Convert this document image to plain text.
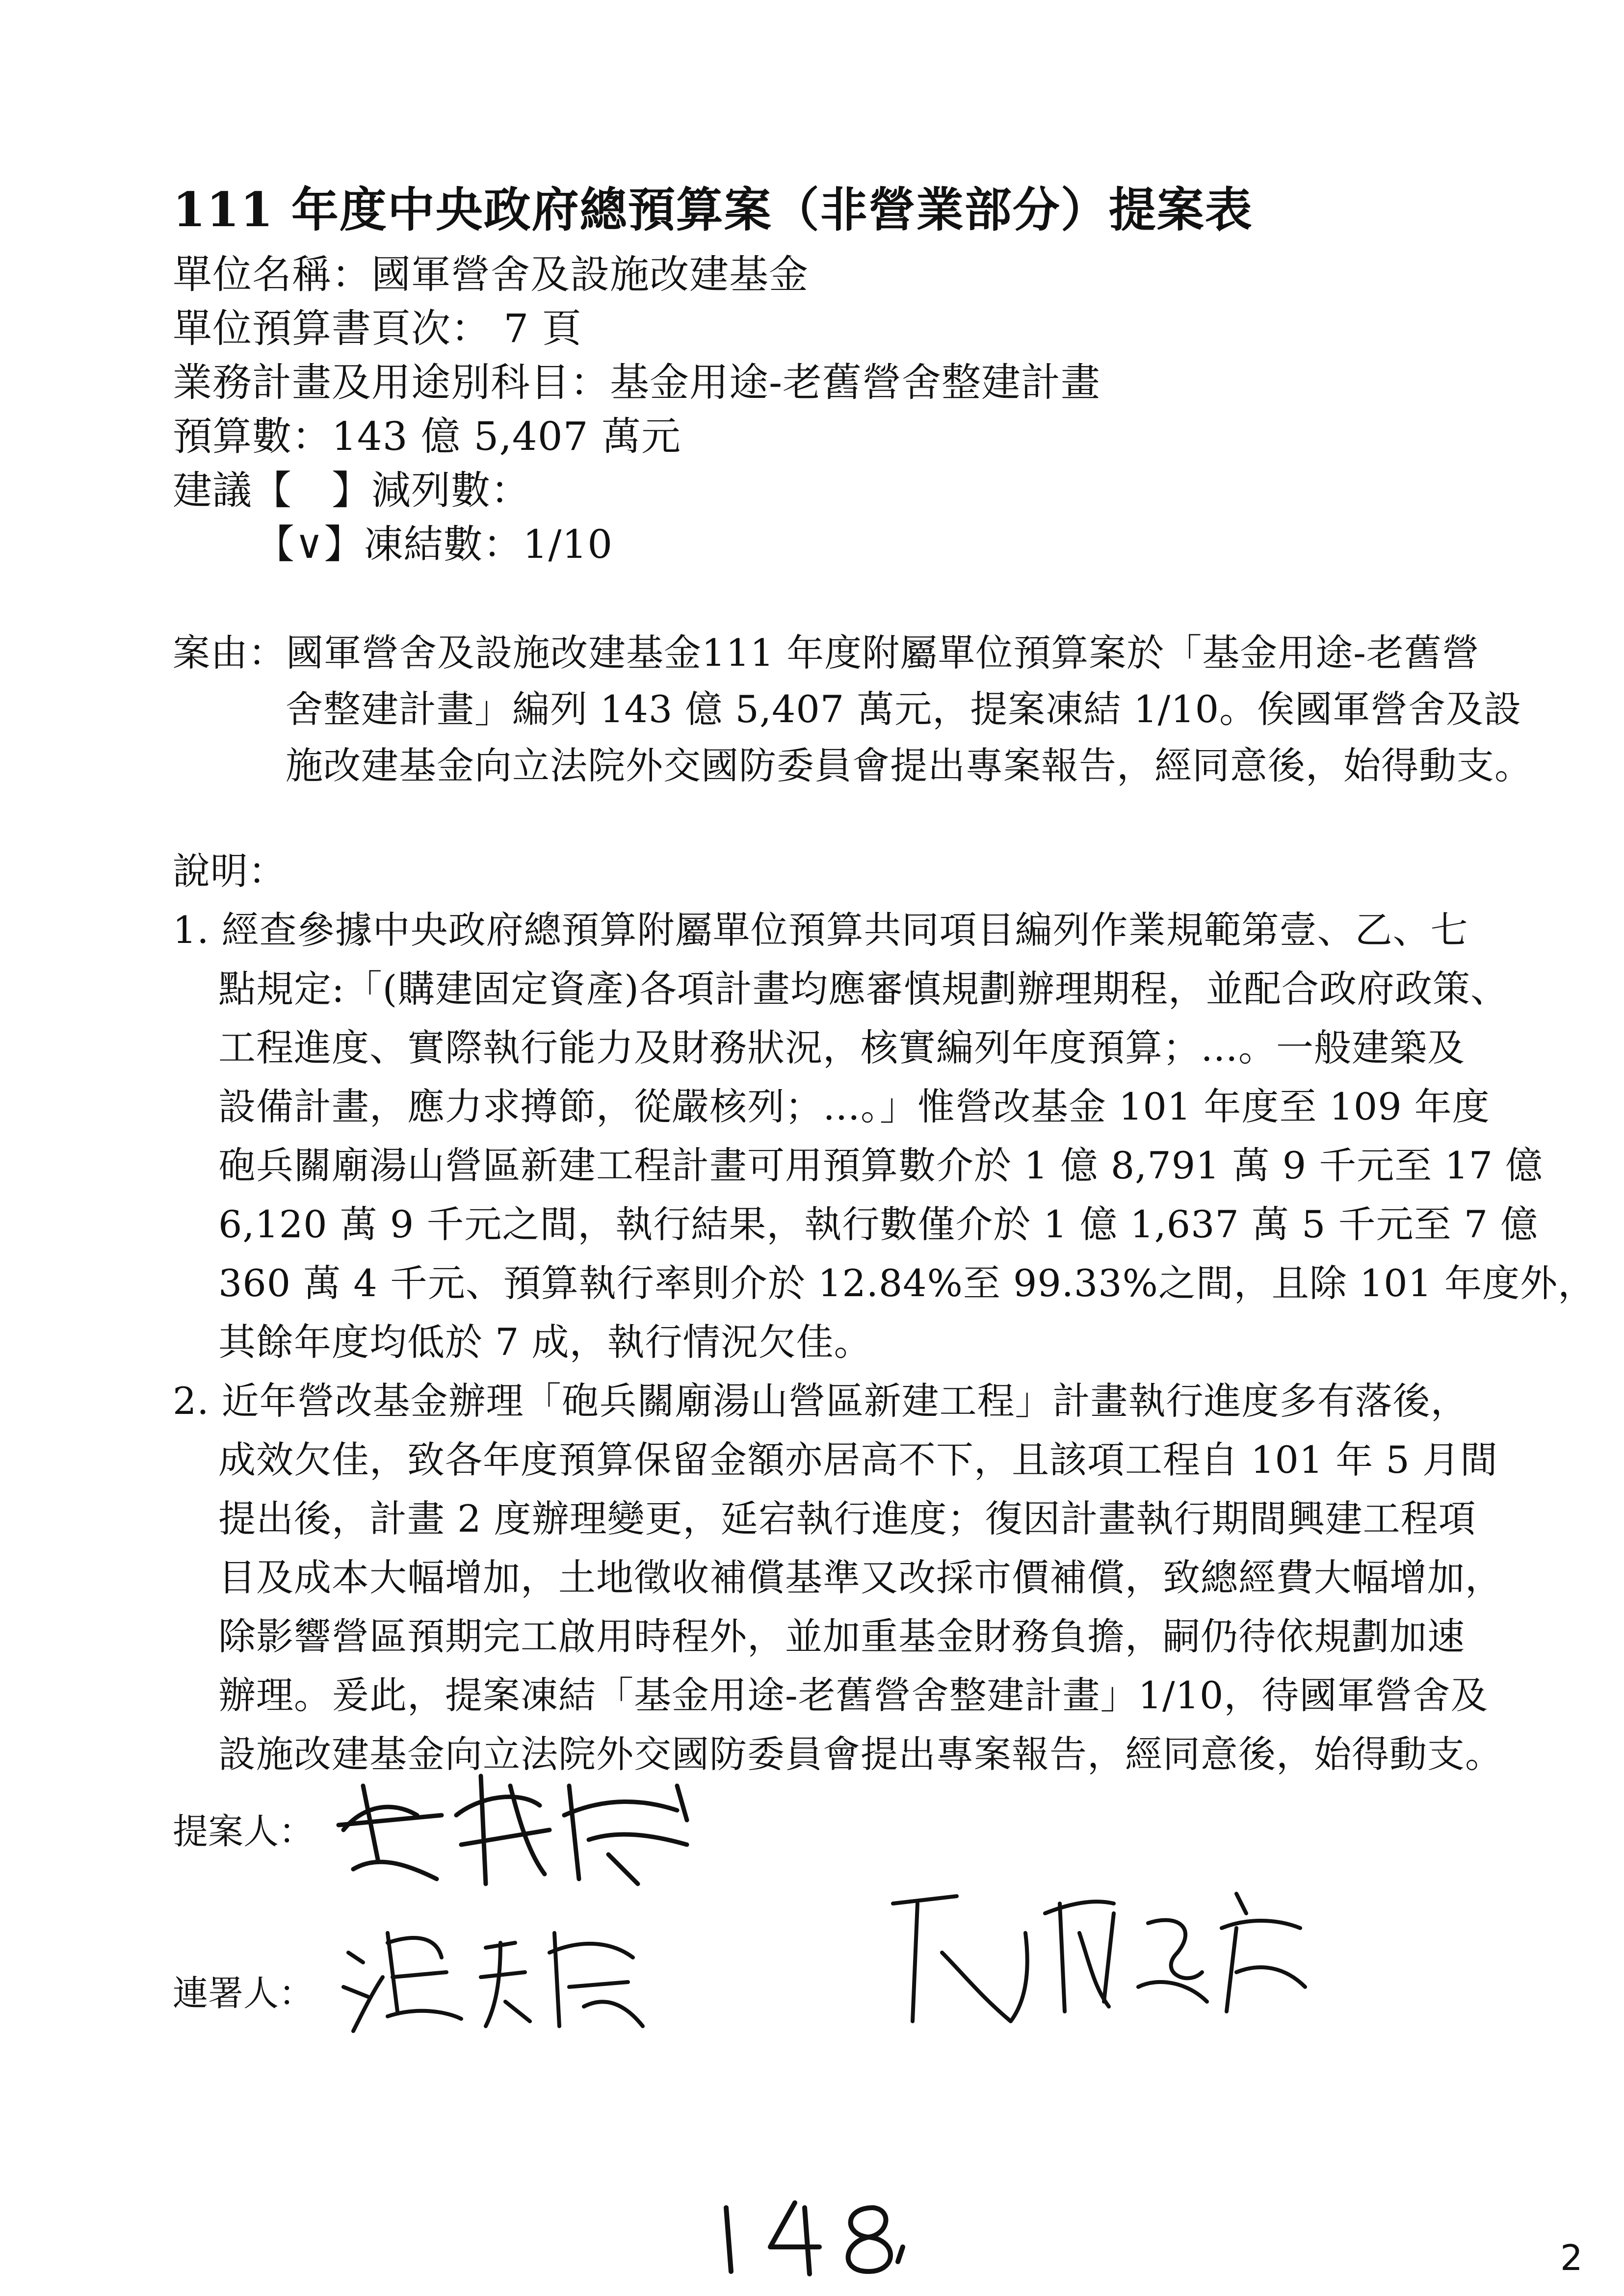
111 年度中央政府總預算案（非營業部分）提案表
單位名稱：國軍營舍及設施改建基金
單位預算書頁次： 7 頁
業務計畫及用途別科目：基金用途-老舊營舍整建計畫
預算數：143 億 5,407 萬元
建議【　】減列數：
【∨】凍結數：1/10
案由：國軍營舍及設施改建基金111 年度附屬單位預算案於「基金用途-老舊營
舍整建計畫」編列 143 億 5,407 萬元，提案凍結 1/10。俟國軍營舍及設
施改建基金向立法院外交國防委員會提出專案報告，經同意後，始得動支。
說明：
1. 經查參據中央政府總預算附屬單位預算共同項目編列作業規範第壹、乙、七
點規定:「(購建固定資產)各項計畫均應審慎規劃辦理期程，並配合政府政策、
工程進度、實際執行能力及財務狀況，核實編列年度預算；…。一般建築及
設備計畫，應力求撙節，從嚴核列；…。」惟營改基金 101 年度至 109 年度
砲兵關廟湯山營區新建工程計畫可用預算數介於 1 億 8,791 萬 9 千元至 17 億
6,120 萬 9 千元之間，執行結果，執行數僅介於 1 億 1,637 萬 5 千元至 7 億
360 萬 4 千元、預算執行率則介於 12.84%至 99.33%之間，且除 101 年度外，
其餘年度均低於 7 成，執行情況欠佳。
2. 近年營改基金辦理「砲兵關廟湯山營區新建工程」計畫執行進度多有落後，
成效欠佳，致各年度預算保留金額亦居高不下，且該項工程自 101 年 5 月間
提出後，計畫 2 度辦理變更，延宕執行進度；復因計畫執行期間興建工程項
目及成本大幅增加，土地徵收補償基準又改採市價補償，致總經費大幅增加，
除影響營區預期完工啟用時程外，並加重基金財務負擔，嗣仍待依規劃加速
辦理。爰此，提案凍結「基金用途-老舊營舍整建計畫」1/10，待國軍營舍及
設施改建基金向立法院外交國防委員會提出專案報告，經同意後，始得動支。
提案人：
連署人：
2
